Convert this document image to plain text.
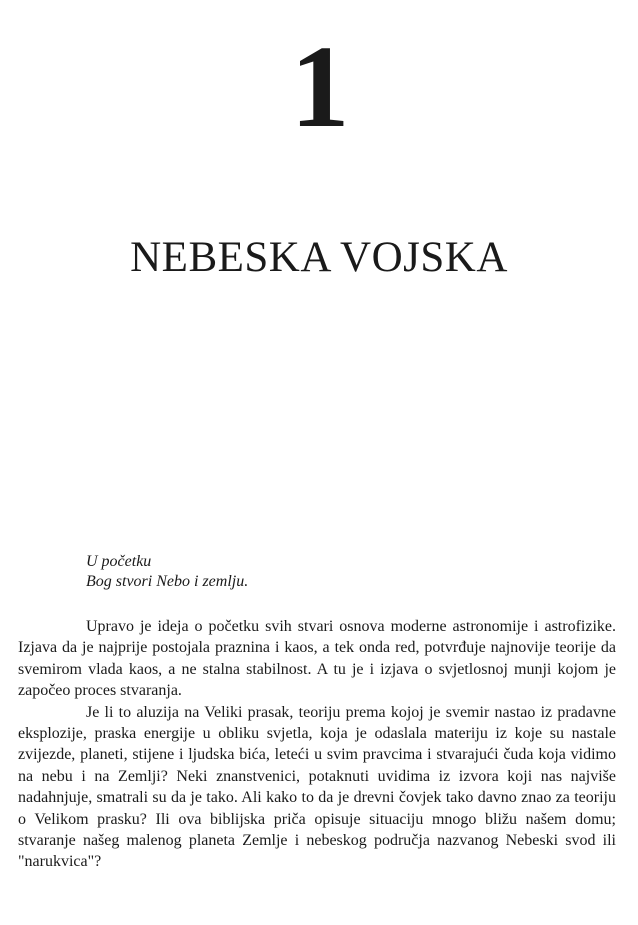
1
NEBESKA VOJSKA
U početku
Bog stvori Nebo i zemlju.

Upravo je ideja o početku svih stvari osnova moderne astronomije i astrofizike. Izjava da je najprije postojala praznina i kaos, a tek onda red, potvrđuje najnovije teorije da svemirom vlada kaos, a ne stalna stabilnost. A tu je i izjava o svjetlosnoj munji kojom je započeo proces stvaranja.

Je li to aluzija na Veliki prasak, teoriju prema kojoj je svemir nastao iz pradavne eksplozije, praska energije u obliku svjetla, koja je odaslala materiju iz koje su nastale zvijezde, planeti, stijene i ljudska bića, leteći u svim pravcima i stvarajući čuda koja vidimo na nebu i na Zemlji? Neki znanstvenici, potaknuti uvidima iz izvora koji nas najviše nadahnjuje, smatrali su da je tako. Ali kako to da je drevni čovjek tako davno znao za teoriju o Velikom prasku? Ili ova biblijska priča opisuje situaciju mnogo bližu našem domu; stvaranje našeg malenog planeta Zemlje i nebeskog područja nazvanog Nebeski svod ili "narukvica"?
